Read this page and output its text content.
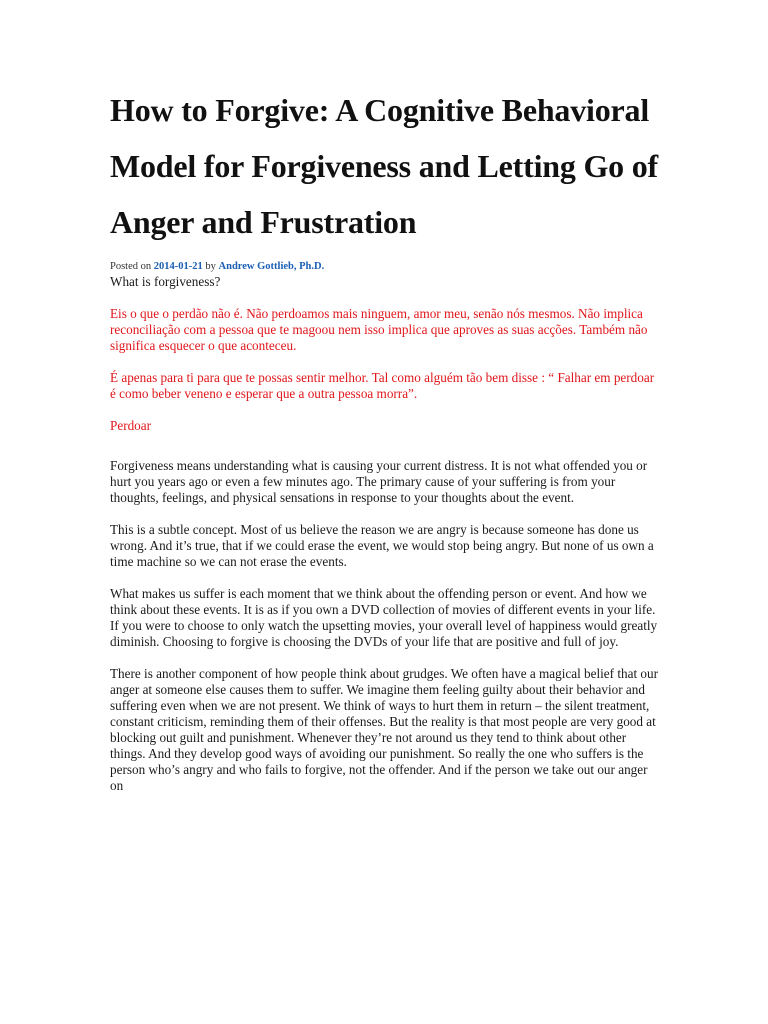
How to Forgive: A Cognitive Behavioral Model for Forgiveness and Letting Go of Anger and Frustration
Posted on 2014-01-21 by Andrew Gottlieb, Ph.D.

What is forgiveness?

Eis o que o perdão não é. Não perdoamos mais ninguem, amor meu, senão nós mesmos. Não implica reconciliação com a pessoa que te magoou nem isso implica que aproves as suas acções. Também não significa esquecer o que aconteceu.

É apenas para ti para que te possas sentir melhor. Tal como alguém tão bem disse : “ Falhar em perdoar é como beber veneno e esperar que a outra pessoa morra”.

Perdoar

Forgiveness means understanding what is causing your current distress. It is not what offended you or hurt you years ago or even a few minutes ago. The primary cause of your suffering is from your thoughts, feelings, and physical sensations in response to your thoughts about the event.

This is a subtle concept. Most of us believe the reason we are angry is because someone has done us wrong. And it’s true, that if we could erase the event, we would stop being angry. But none of us own a time machine so we can not erase the events.

What makes us suffer is each moment that we think about the offending person or event. And how we think about these events. It is as if you own a DVD collection of movies of different events in your life. If you were to choose to only watch the upsetting movies, your overall level of happiness would greatly diminish. Choosing to forgive is choosing the DVDs of your life that are positive and full of joy.

There is another component of how people think about grudges. We often have a magical belief that our anger at someone else causes them to suffer. We imagine them feeling guilty about their behavior and suffering even when we are not present. We think of ways to hurt them in return – the silent treatment, constant criticism, reminding them of their offenses. But the reality is that most people are very good at blocking out guilt and punishment. Whenever they’re not around us they tend to think about other things. And they develop good ways of avoiding our punishment. So really the one who suffers is the person who’s angry and who fails to forgive, not the offender. And if the person we take out our anger on
